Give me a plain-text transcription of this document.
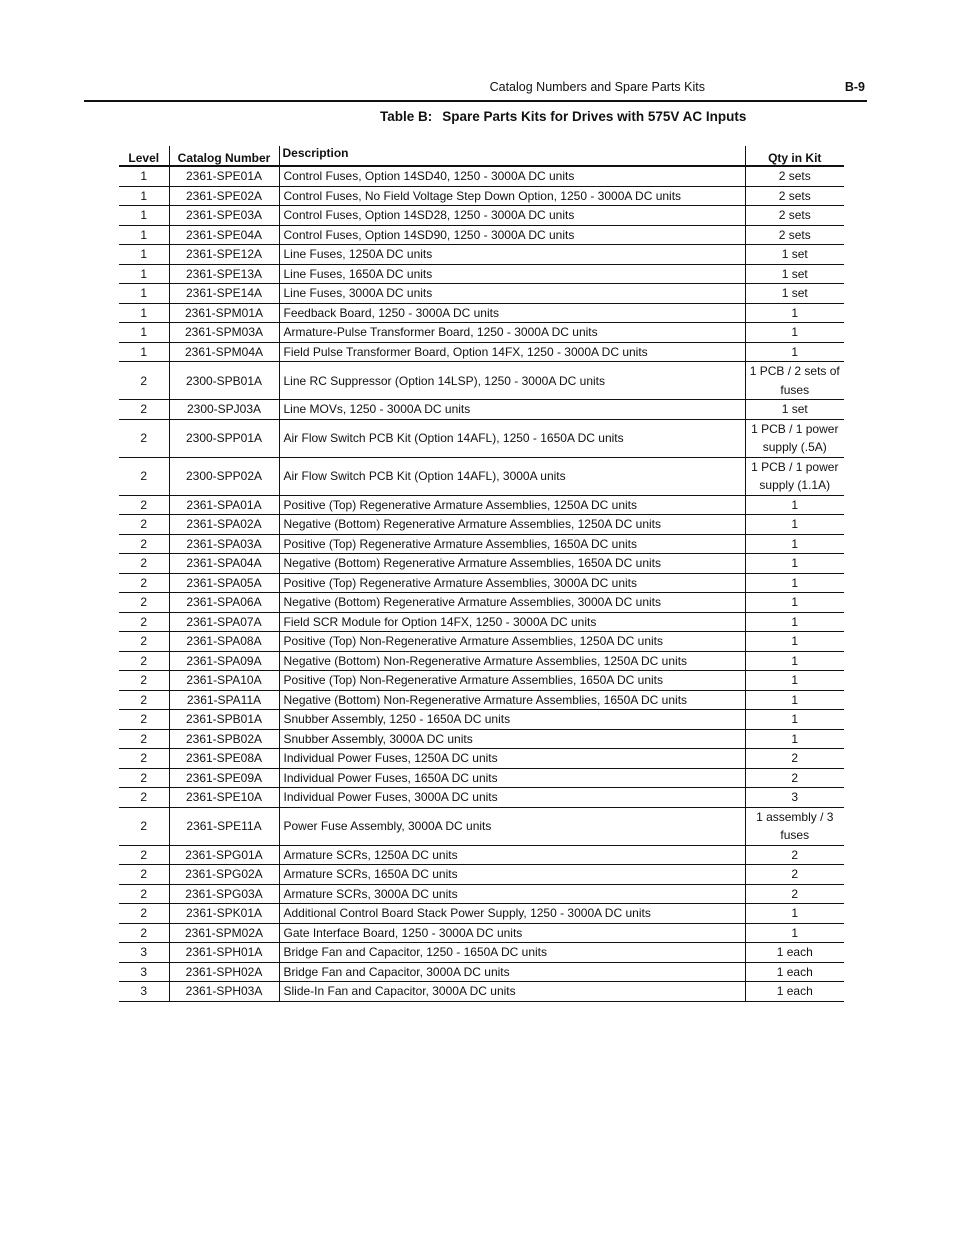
Catalog Numbers and Spare Parts Kits	B-9
Table B: Spare Parts Kits for Drives with 575V AC Inputs
Level	Catalog Number	Description	Qty in Kit
1	2361-SPE01A	Control Fuses, Option 14SD40, 1250 - 3000A DC units	2 sets
1	2361-SPE02A	Control Fuses, No Field Voltage Step Down Option, 1250 - 3000A DC units	2 sets
1	2361-SPE03A	Control Fuses, Option 14SD28, 1250 - 3000A DC units	2 sets
1	2361-SPE04A	Control Fuses, Option 14SD90, 1250 - 3000A DC units	2 sets
1	2361-SPE12A	Line Fuses, 1250A DC units	1 set
1	2361-SPE13A	Line Fuses, 1650A DC units	1 set
1	2361-SPE14A	Line Fuses, 3000A DC units	1 set
1	2361-SPM01A	Feedback Board, 1250 - 3000A DC units	1
1	2361-SPM03A	Armature-Pulse Transformer Board, 1250 - 3000A DC units	1
1	2361-SPM04A	Field Pulse Transformer Board, Option 14FX, 1250 - 3000A DC units	1
2	2300-SPB01A	Line RC Suppressor (Option 14LSP), 1250 - 3000A DC units	1 PCB / 2 sets of fuses
2	2300-SPJ03A	Line MOVs, 1250 - 3000A DC units	1 set
2	2300-SPP01A	Air Flow Switch PCB Kit (Option 14AFL), 1250 - 1650A DC units	1 PCB / 1 power supply (.5A)
2	2300-SPP02A	Air Flow Switch PCB Kit (Option 14AFL), 3000A units	1 PCB / 1 power supply (1.1A)
2	2361-SPA01A	Positive (Top) Regenerative Armature Assemblies, 1250A DC units	1
2	2361-SPA02A	Negative (Bottom) Regenerative Armature Assemblies, 1250A DC units	1
2	2361-SPA03A	Positive (Top) Regenerative Armature Assemblies, 1650A DC units	1
2	2361-SPA04A	Negative (Bottom) Regenerative Armature Assemblies, 1650A DC units	1
2	2361-SPA05A	Positive (Top) Regenerative Armature Assemblies, 3000A DC units	1
2	2361-SPA06A	Negative (Bottom) Regenerative Armature Assemblies, 3000A DC units	1
2	2361-SPA07A	Field SCR Module for Option 14FX, 1250 - 3000A DC units	1
2	2361-SPA08A	Positive (Top) Non-Regenerative Armature Assemblies, 1250A DC units	1
2	2361-SPA09A	Negative (Bottom) Non-Regenerative Armature Assemblies, 1250A DC units	1
2	2361-SPA10A	Positive (Top) Non-Regenerative Armature Assemblies, 1650A DC units	1
2	2361-SPA11A	Negative (Bottom) Non-Regenerative Armature Assemblies, 1650A DC units	1
2	2361-SPB01A	Snubber Assembly, 1250 - 1650A DC units	1
2	2361-SPB02A	Snubber Assembly, 3000A DC units	1
2	2361-SPE08A	Individual Power Fuses, 1250A DC units	2
2	2361-SPE09A	Individual Power Fuses, 1650A DC units	2
2	2361-SPE10A	Individual Power Fuses, 3000A DC units	3
2	2361-SPE11A	Power Fuse Assembly, 3000A DC units	1 assembly / 3 fuses
2	2361-SPG01A	Armature SCRs, 1250A DC units	2
2	2361-SPG02A	Armature SCRs, 1650A DC units	2
2	2361-SPG03A	Armature SCRs, 3000A DC units	2
2	2361-SPK01A	Additional Control Board Stack Power Supply, 1250 - 3000A DC units	1
2	2361-SPM02A	Gate Interface Board, 1250 - 3000A DC units	1
3	2361-SPH01A	Bridge Fan and Capacitor, 1250 - 1650A DC units	1 each
3	2361-SPH02A	Bridge Fan and Capacitor, 3000A DC units	1 each
3	2361-SPH03A	Slide-In Fan and Capacitor, 3000A DC units	1 each
